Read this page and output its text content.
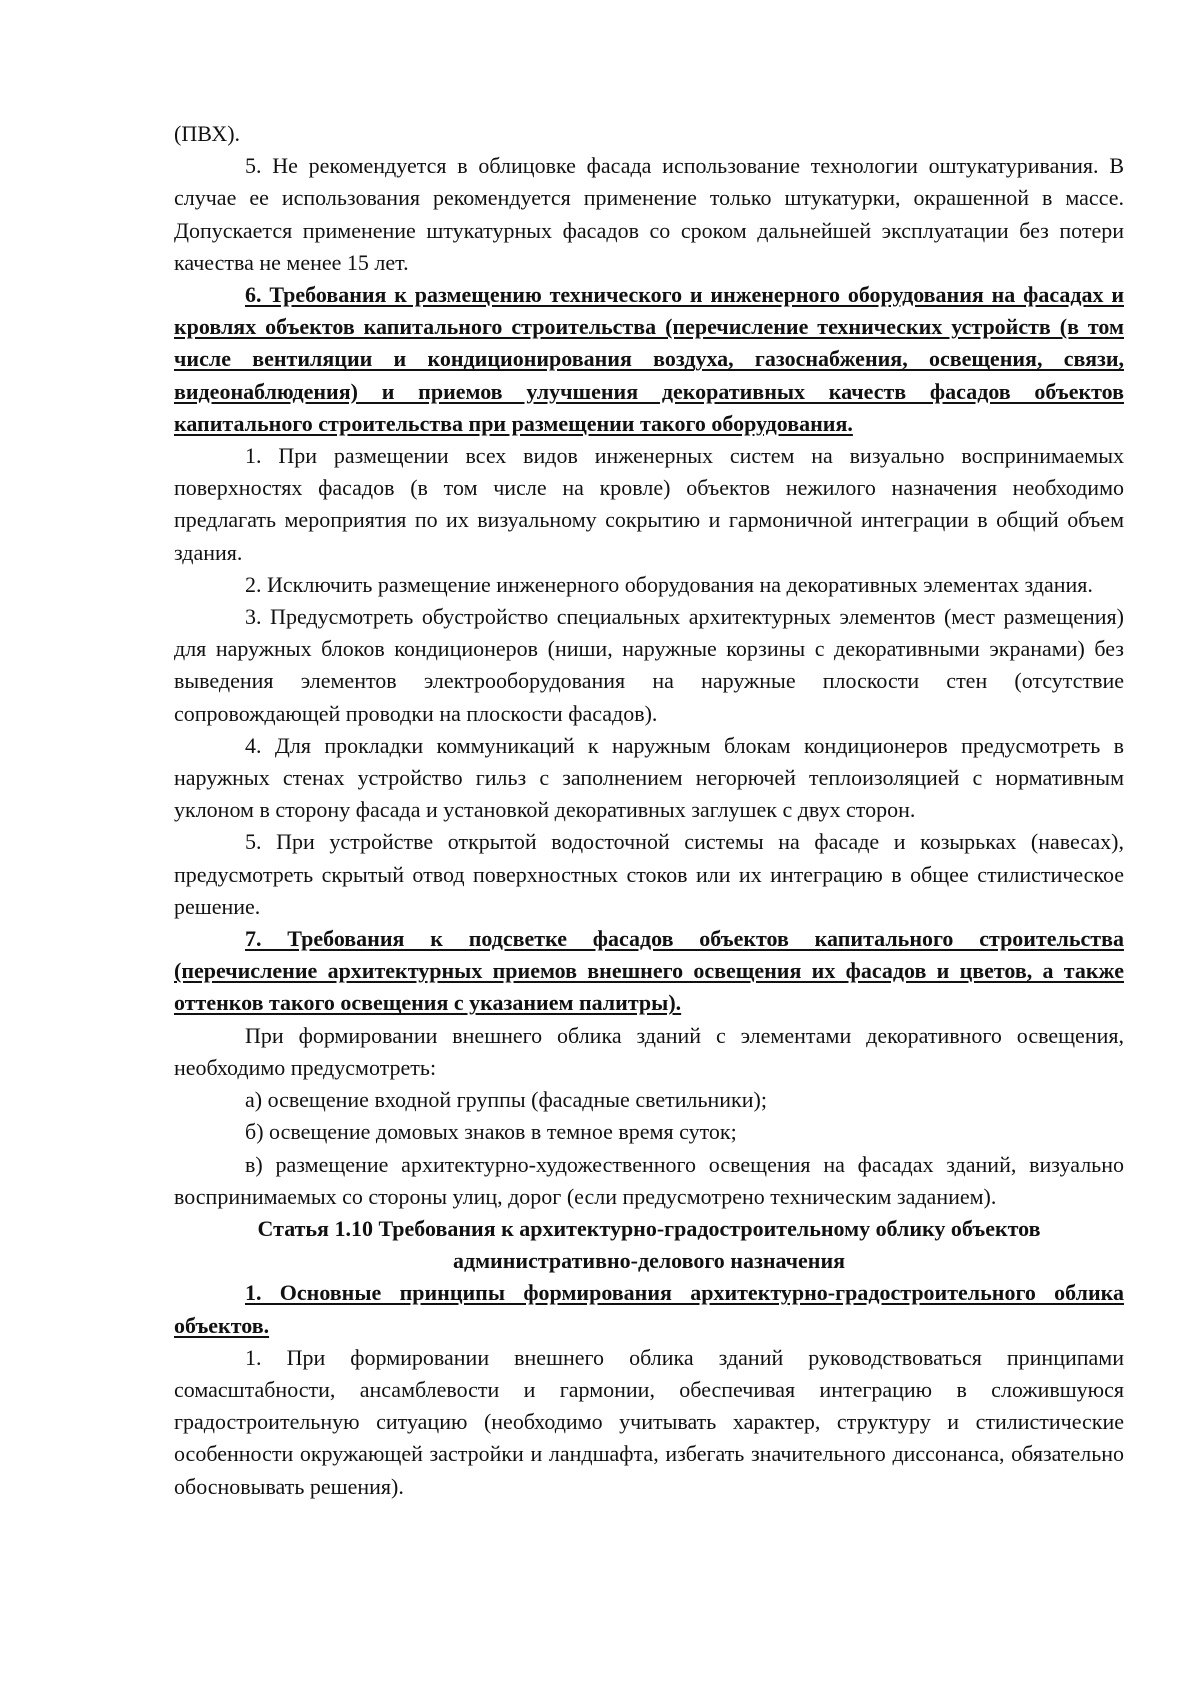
(ПВХ).

5. Не рекомендуется в облицовке фасада использование технологии оштукатуривания. В случае ее использования рекомендуется применение только штукатурки, окрашенной в массе. Допускается применение штукатурных фасадов со сроком дальнейшей эксплуатации без потери качества не менее 15 лет.

6. Требования к размещению технического и инженерного оборудования на фасадах и кровлях объектов капитального строительства (перечисление технических устройств (в том числе вентиляции и кондиционирования воздуха, газоснабжения, освещения, связи, видеонаблюдения) и приемов улучшения декоративных качеств фасадов объектов капитального строительства при размещении такого оборудования.

1. При размещении всех видов инженерных систем на визуально воспринимаемых поверхностях фасадов (в том числе на кровле) объектов нежилого назначения необходимо предлагать мероприятия по их визуальному сокрытию и гармоничной интеграции в общий объем здания.

2. Исключить размещение инженерного оборудования на декоративных элементах здания.

3. Предусмотреть обустройство специальных архитектурных элементов (мест размещения) для наружных блоков кондиционеров (ниши, наружные корзины с декоративными экранами) без выведения элементов электрооборудования на наружные плоскости стен (отсутствие сопровождающей проводки на плоскости фасадов).

4. Для прокладки коммуникаций к наружным блокам кондиционеров предусмотреть в наружных стенах устройство гильз с заполнением негорючей теплоизоляцией с нормативным уклоном в сторону фасада и установкой декоративных заглушек с двух сторон.

5. При устройстве открытой водосточной системы на фасаде и козырьках (навесах), предусмотреть скрытый отвод поверхностных стоков или их интеграцию в общее стилистическое решение.

7. Требования к подсветке фасадов объектов капитального строительства (перечисление архитектурных приемов внешнего освещения их фасадов и цветов, а также оттенков такого освещения с указанием палитры).

При формировании внешнего облика зданий с элементами декоративного освещения, необходимо предусмотреть:

а) освещение входной группы (фасадные светильники);

б) освещение домовых знаков в темное время суток;

в) размещение архитектурно-художественного освещения на фасадах зданий, визуально воспринимаемых со стороны улиц, дорог (если предусмотрено техническим заданием).

Статья 1.10 Требования к архитектурно-градостроительному облику объектов
административно-делового назначения

1. Основные принципы формирования архитектурно-градостроительного облика объектов.

1. При формировании внешнего облика зданий руководствоваться принципами сомасштабности, ансамблевости и гармонии, обеспечивая интеграцию в сложившуюся градостроительную ситуацию (необходимо учитывать характер, структуру и стилистические особенности окружающей застройки и ландшафта, избегать значительного диссонанса, обязательно обосновывать решения).
